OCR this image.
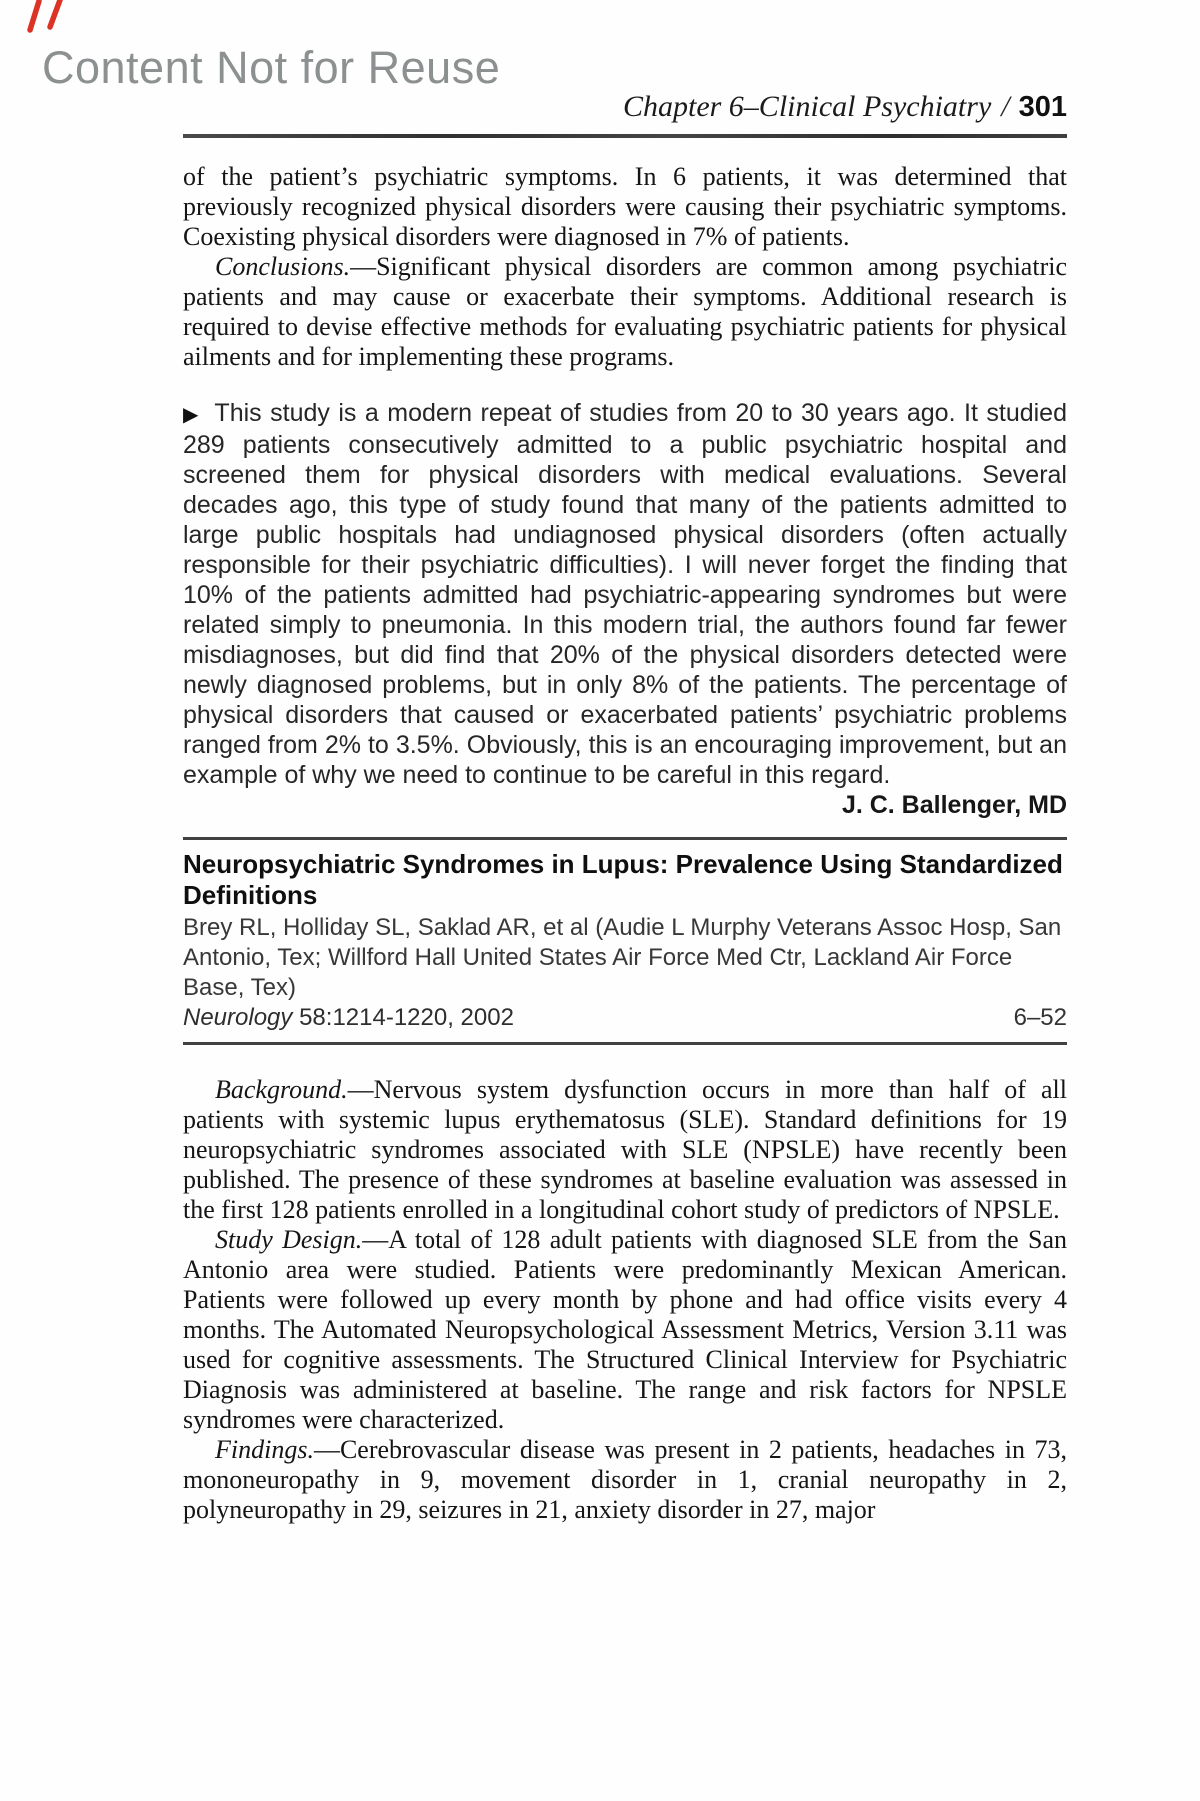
Content Not for Reuse
Chapter 6–Clinical Psychiatry / 301

of the patient’s psychiatric symptoms. In 6 patients, it was determined that previously recognized physical disorders were causing their psychiatric symptoms. Coexisting physical disorders were diagnosed in 7% of patients.

Conclusions.—Significant physical disorders are common among psychiatric patients and may cause or exacerbate their symptoms. Additional research is required to devise effective methods for evaluating psychiatric patients for physical ailments and for implementing these programs.

▶  This study is a modern repeat of studies from 20 to 30 years ago. It studied 289 patients consecutively admitted to a public psychiatric hospital and screened them for physical disorders with medical evaluations. Several decades ago, this type of study found that many of the patients admitted to large public hospitals had undiagnosed physical disorders (often actually responsible for their psychiatric difficulties). I will never forget the finding that 10% of the patients admitted had psychiatric-appearing syndromes but were related simply to pneumonia. In this modern trial, the authors found far fewer misdiagnoses, but did find that 20% of the physical disorders detected were newly diagnosed problems, but in only 8% of the patients. The percentage of physical disorders that caused or exacerbated patients’ psychiatric problems ranged from 2% to 3.5%. Obviously, this is an encouraging improvement, but an example of why we need to continue to be careful in this regard.

J. C. Ballenger, MD

Neuropsychiatric Syndromes in Lupus: Prevalence Using Standardized Definitions

Brey RL, Holliday SL, Saklad AR, et al (Audie L Murphy Veterans Assoc Hosp, San Antonio, Tex; Willford Hall United States Air Force Med Ctr, Lackland Air Force Base, Tex)

Neurology 58:1214-1220, 2002	6–52

Background.—Nervous system dysfunction occurs in more than half of all patients with systemic lupus erythematosus (SLE). Standard definitions for 19 neuropsychiatric syndromes associated with SLE (NPSLE) have recently been published. The presence of these syndromes at baseline evaluation was assessed in the first 128 patients enrolled in a longitudinal cohort study of predictors of NPSLE.

Study Design.—A total of 128 adult patients with diagnosed SLE from the San Antonio area were studied. Patients were predominantly Mexican American. Patients were followed up every month by phone and had office visits every 4 months. The Automated Neuropsychological Assessment Metrics, Version 3.11 was used for cognitive assessments. The Structured Clinical Interview for Psychiatric Diagnosis was administered at baseline. The range and risk factors for NPSLE syndromes were characterized.

Findings.—Cerebrovascular disease was present in 2 patients, headaches in 73, mononeuropathy in 9, movement disorder in 1, cranial neuropathy in 2, polyneuropathy in 29, seizures in 21, anxiety disorder in 27, major
